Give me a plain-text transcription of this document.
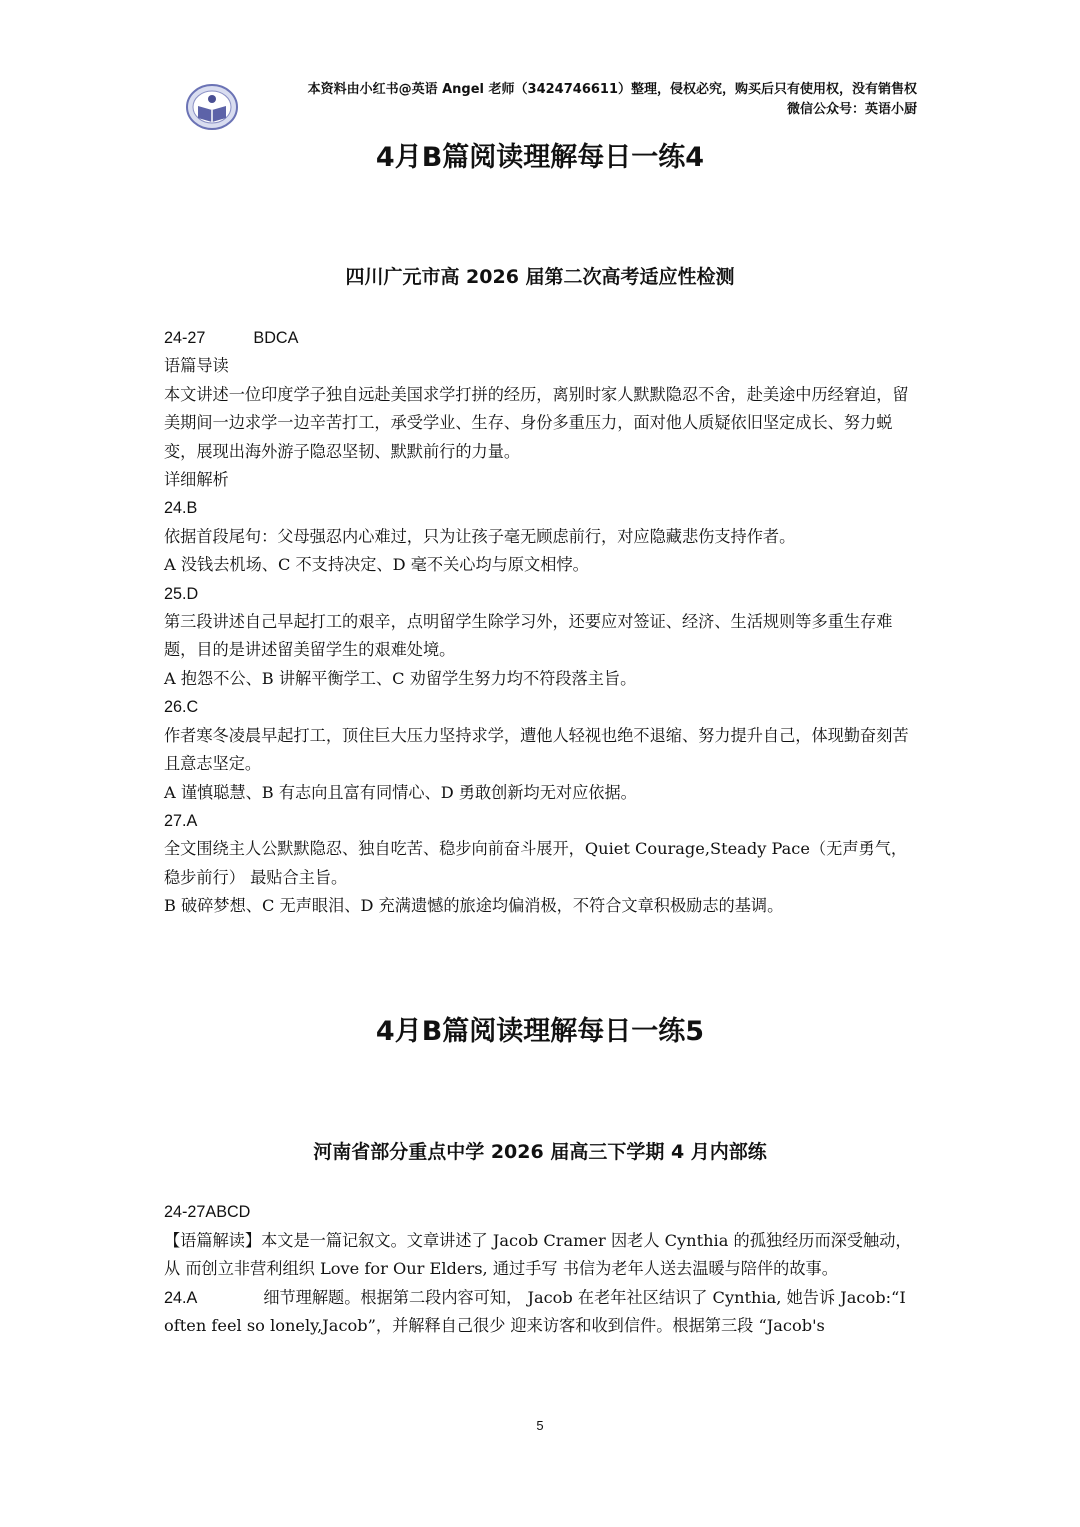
本资料由小红书@英语 Angel 老师（3424746611）整理，侵权必究，购买后只有使用权，没有销售权
微信公众号：英语小厨
4月B篇阅读理解每日一练4
四川广元市高 2026 届第二次高考适应性检测

24-27	BDCA

语篇导读

本文讲述一位印度学子独自远赴美国求学打拼的经历，离别时家人默默隐忍不舍，赴美途中历经窘迫，留美期间一边求学一边辛苦打工，承受学业、生存、身份多重压力，面对他人质疑依旧坚定成长、努力蜕变，展现出海外游子隐忍坚韧、默默前行的力量。

详细解析

24.B

依据首段尾句：父母强忍内心难过，只为让孩子毫无顾虑前行，对应隐藏悲伤支持作者。

A 没钱去机场、C 不支持决定、D 毫不关心均与原文相悖。

25.D

第三段讲述自己早起打工的艰辛，点明留学生除学习外，还要应对签证、经济、生活规则等多重生存难题，目的是讲述留美留学生的艰难处境。

A 抱怨不公、B 讲解平衡学工、C 劝留学生努力均不符段落主旨。

26.C

作者寒冬凌晨早起打工，顶住巨大压力坚持求学，遭他人轻视也绝不退缩、努力提升自己，体现勤奋刻苦且意志坚定。

A 谨慎聪慧、B 有志向且富有同情心、D 勇敢创新均无对应依据。

27.A

全文围绕主人公默默隐忍、独自吃苦、稳步向前奋斗展开，Quiet Courage,Steady Pace（无声勇气，稳步前行） 最贴合主旨。

B 破碎梦想、C 无声眼泪、D 充满遗憾的旅途均偏消极，不符合文章积极励志的基调。

4月B篇阅读理解每日一练5
河南省部分重点中学 2026 届高三下学期 4 月内部练

24-27ABCD

【语篇解读】本文是一篇记叙文。文章讲述了 Jacob Cramer 因老人 Cynthia 的孤独经历而深受触动，从 而创立非营利组织 Love for Our Elders, 通过手写 书信为老年人送去温暖与陪伴的故事。

24.A	细节理解题。根据第二段内容可知， Jacob 在老年社区结识了 Cynthia, 她告诉 Jacob:“I

often feel so lonely,Jacob”，并解释自己很少 迎来访客和收到信件。根据第三段 “Jacob's

5
